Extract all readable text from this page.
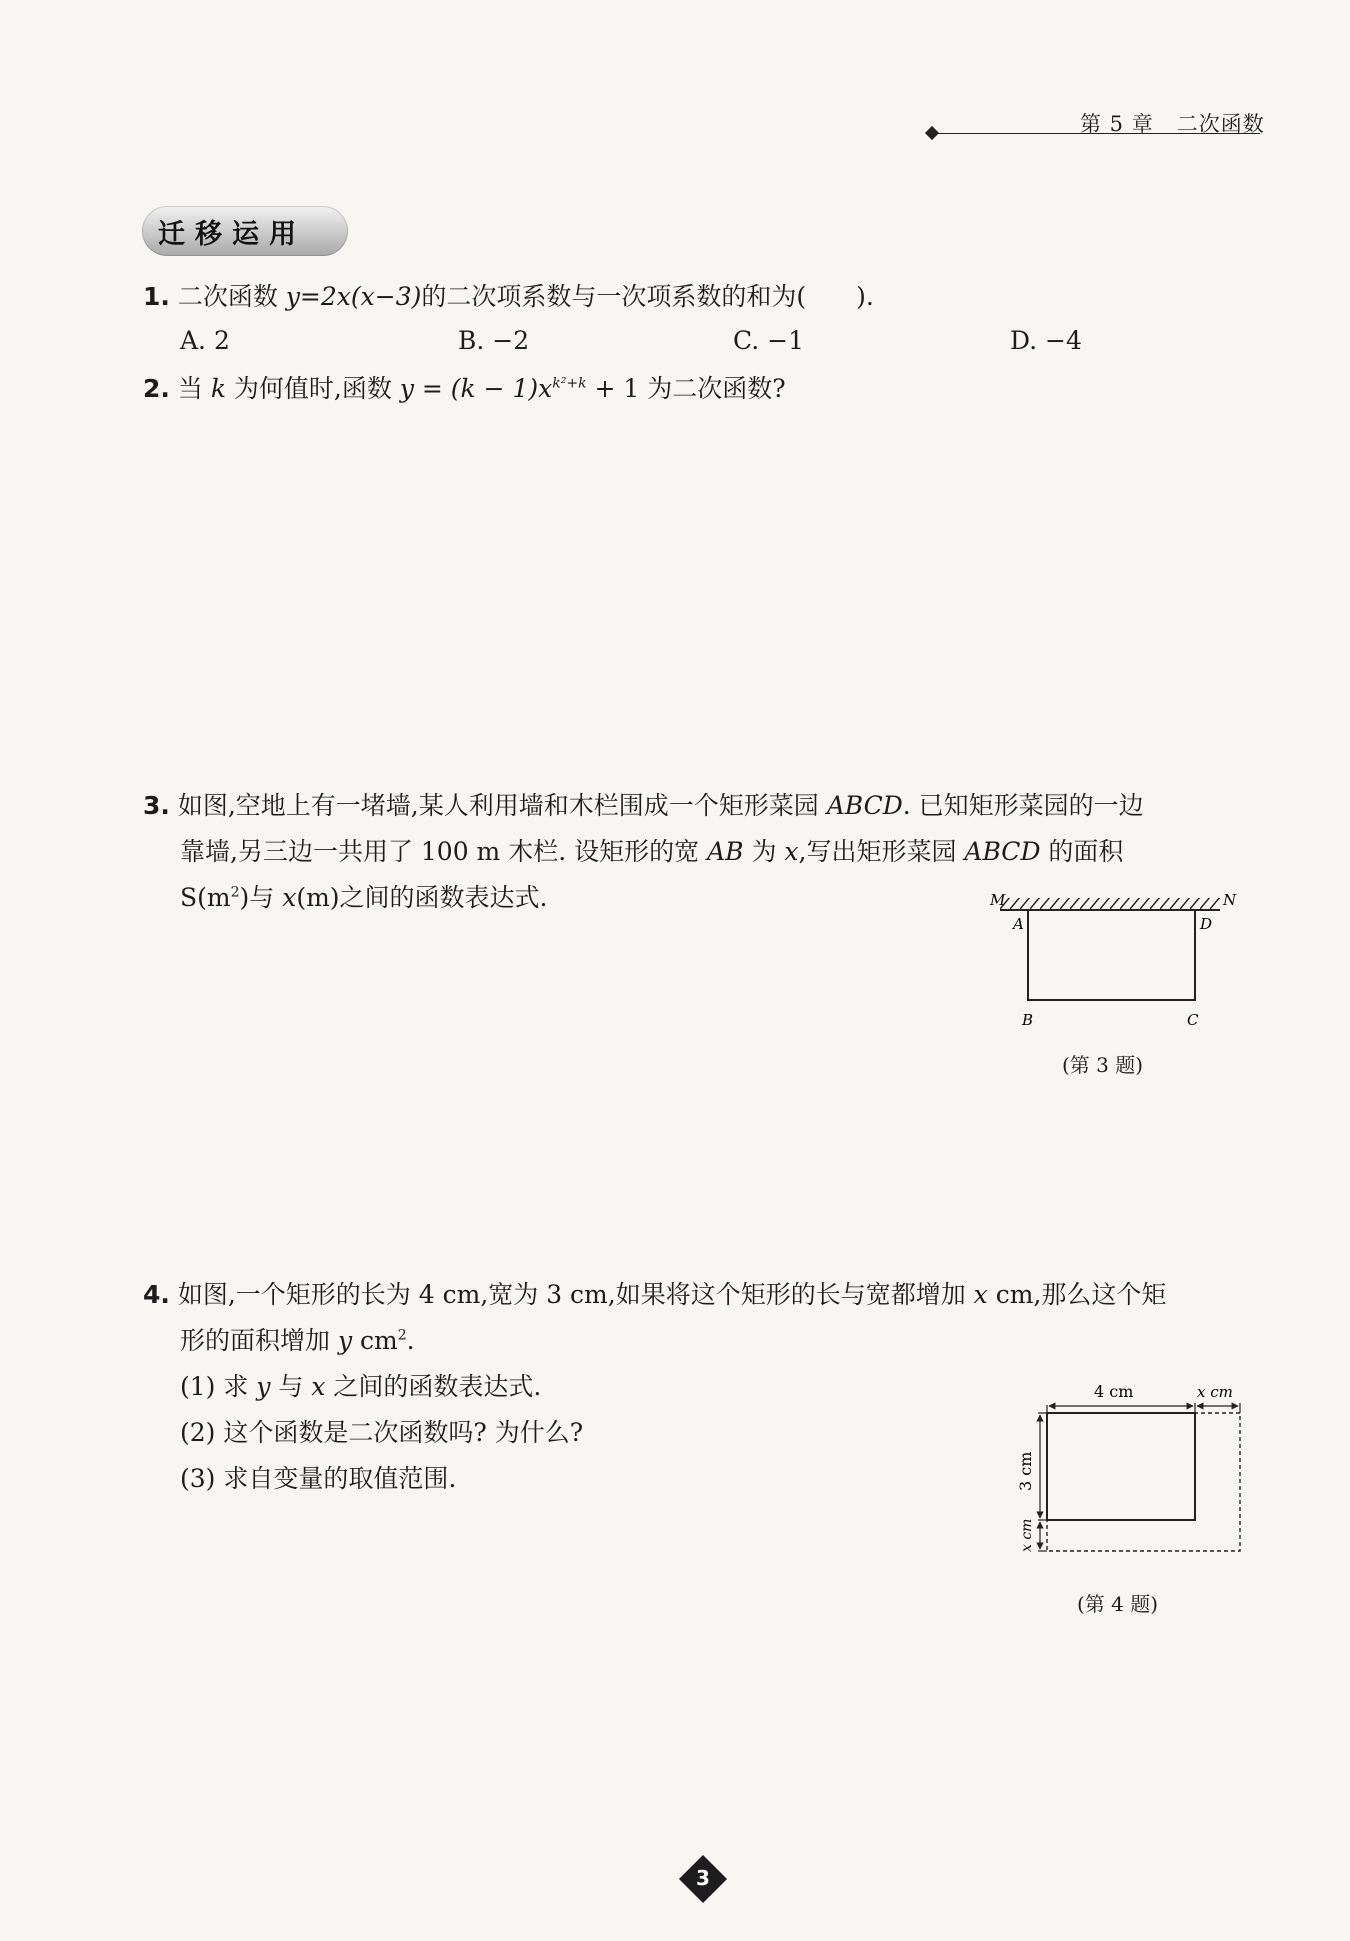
第 5 章 二次函数
迁移运用
1. 二次函数 y=2x(x−3)的二次项系数与一次项系数的和为(　　).
A. 2	B. −2	C. −1	D. −4
2. 当 k 为何值时,函数 $y = (k - 1)x^{k^2+k} + 1$ 为二次函数?
3. 如图,空地上有一堵墙,某人利用墙和木栏围成一个矩形菜园 ABCD. 已知矩形菜园的一边
靠墙,另三边一共用了 100 m 木栏. 设矩形的宽 AB 为 x,写出矩形菜园 ABCD 的面积
$S(m^2)$与 x(m)之间的函数表达式.	M	N
A	D
B	C
(第 3 题)
4. 如图,一个矩形的长为 4 cm,宽为 3 cm,如果将这个矩形的长与宽都增加 x cm,那么这个矩
形的面积增加 y $cm^2$.
(1) 求 y 与 x 之间的函数表达式.
(2) 这个函数是二次函数吗? 为什么?
(3) 求自变量的取值范围.
4 cm	x cm
3 cm
x cm
(第 4 题)
3
